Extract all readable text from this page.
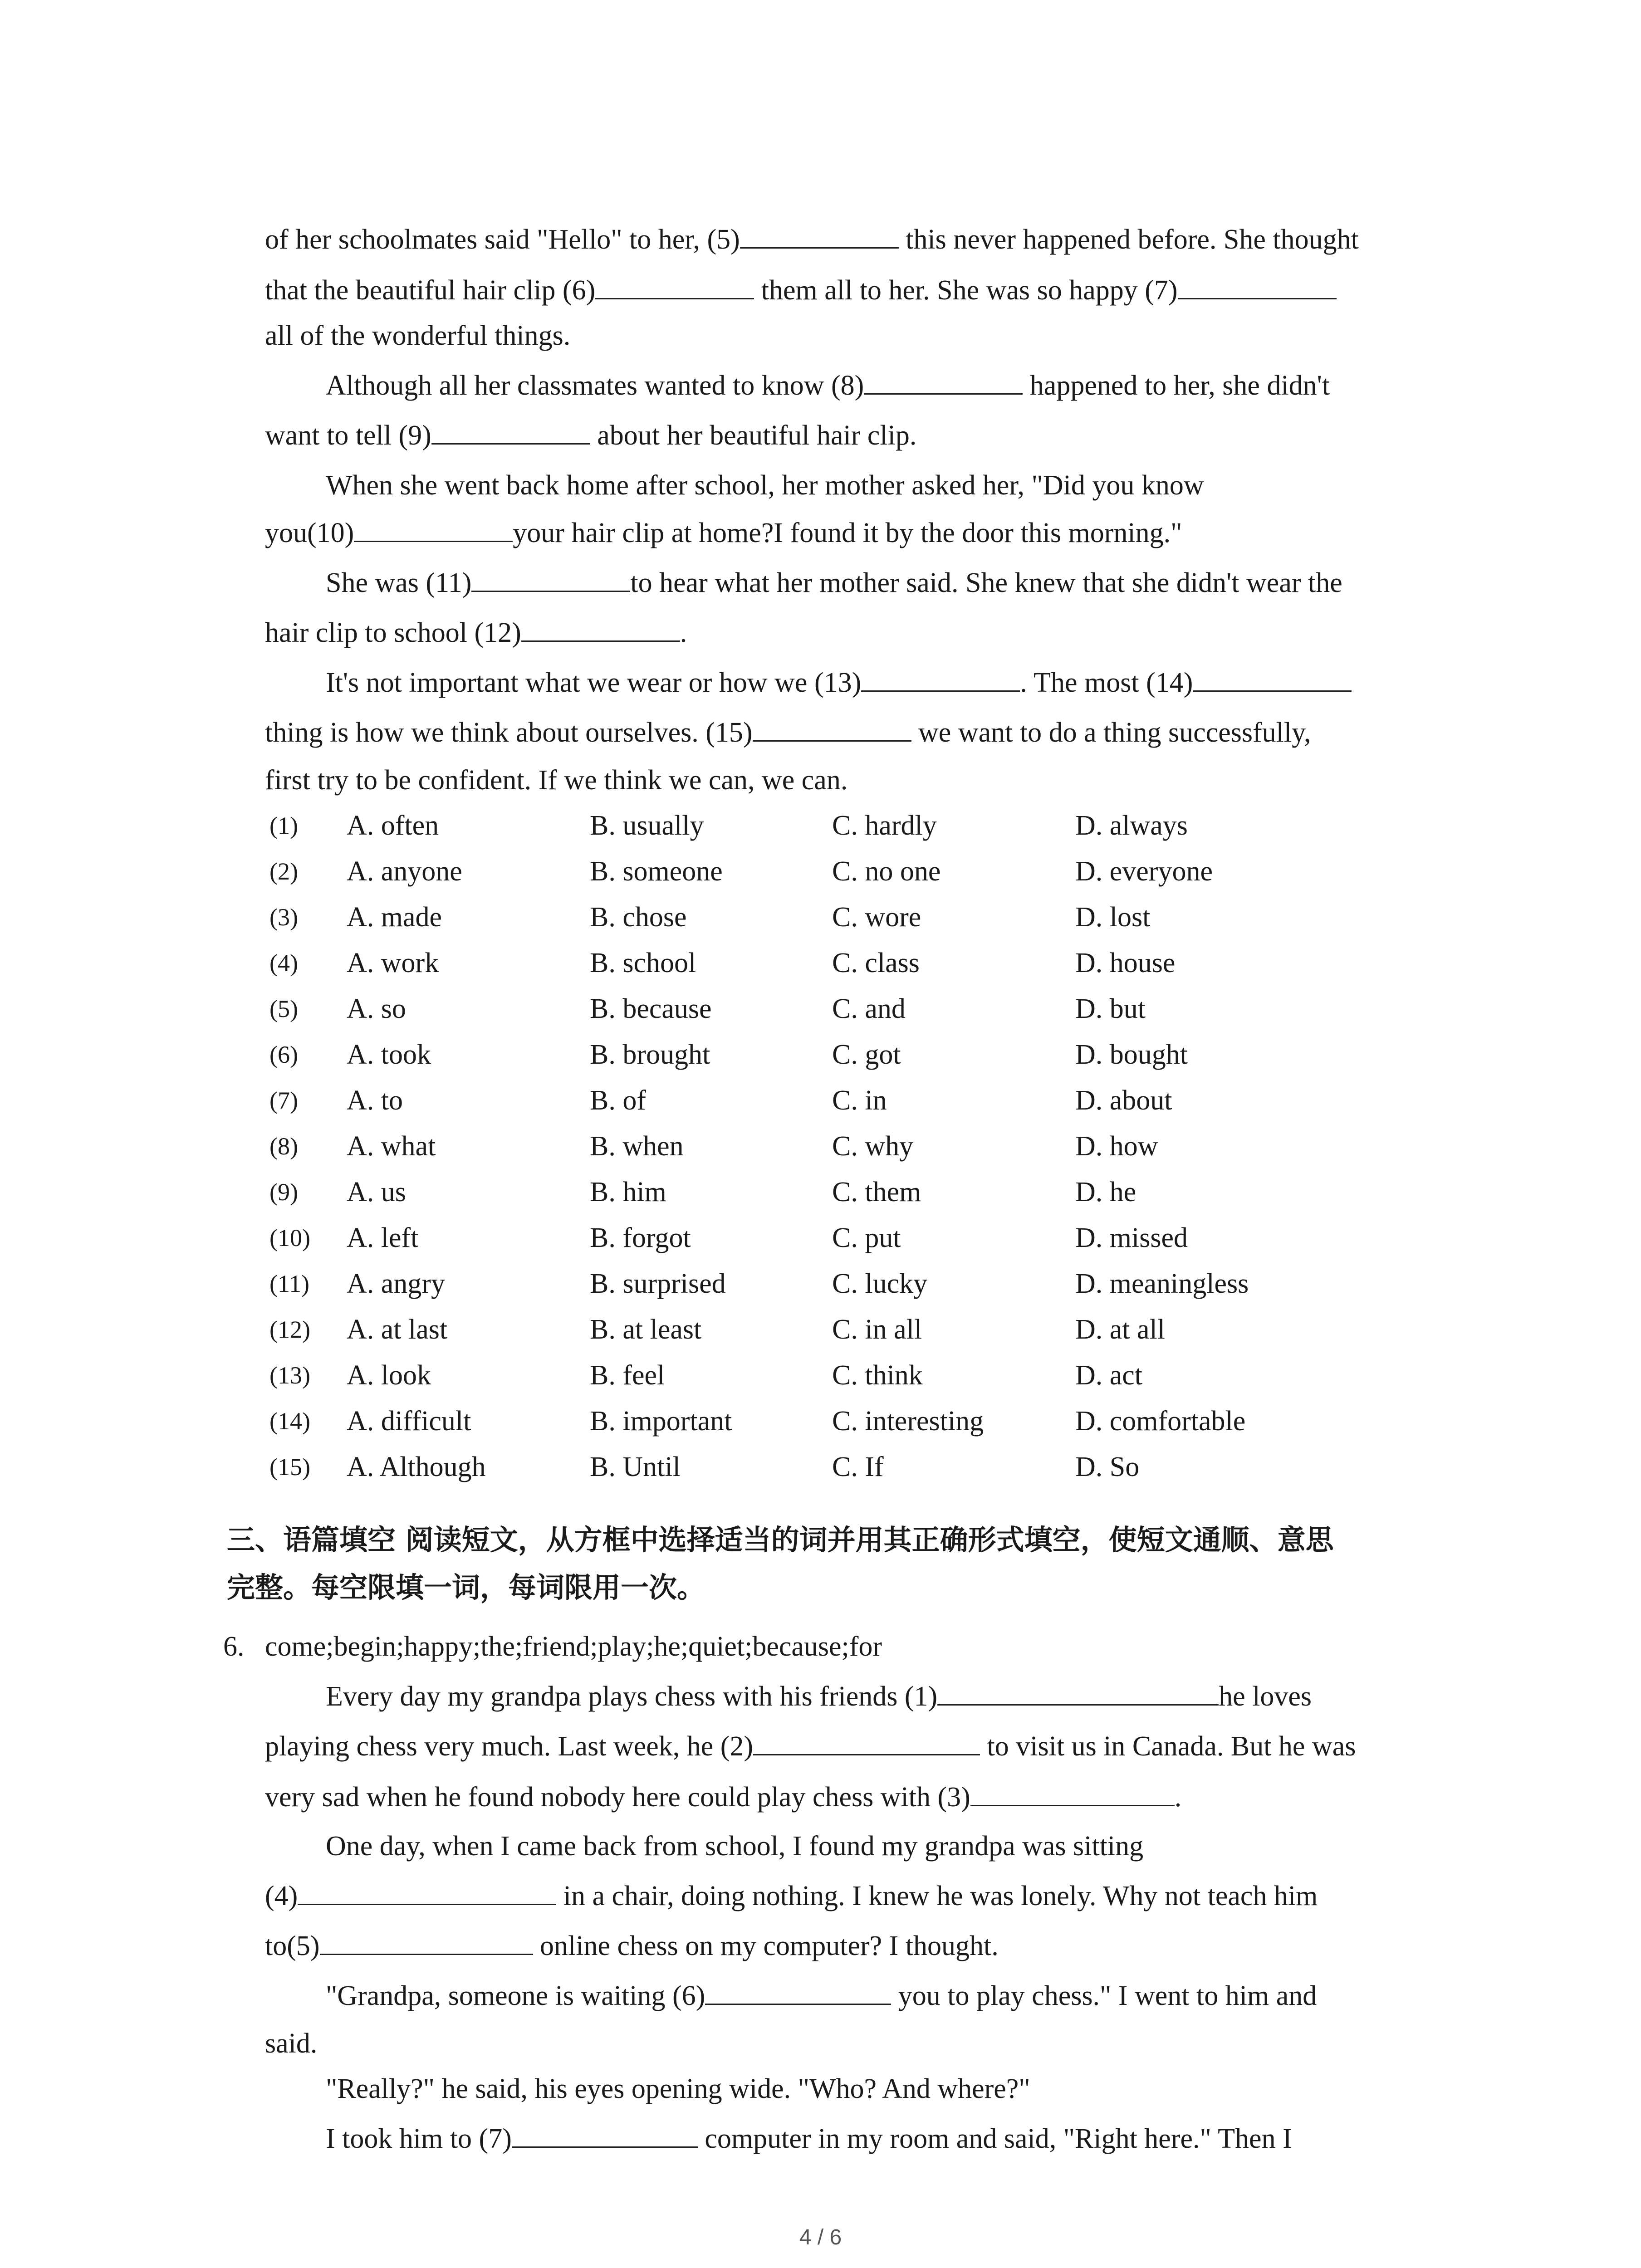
of her schoolmates said "Hello" to her, (5)	this never happened before. She thought
that the beautiful hair clip (6)	them all to her. She was so happy (7)
all of the wonderful things.
Although all her classmates wanted to know (8)	happened to her, she didn't
want to tell (9)	about her beautiful hair clip.
When she went back home after school, her mother asked her, "Did you know
you(10)	your hair clip at home?I found it by the door this morning."
She was (11)	to hear what her mother said. She knew that she didn't wear the
hair clip to school (12)	.
It's not important what we wear or how we (13)	. The most (14)
thing is how we think about ourselves. (15)	we want to do a thing successfully,
first try to be confident. If we think we can, we can.
(1) A. often	B. usually	C. hardly	D. always
(2) A. anyone	B. someone	C. no one	D. everyone
(3) A. made	B. chose	C. wore	D. lost
(4) A. work	B. school	C. class	D. house
(5) A. so	B. because	C. and	D. but
(6) A. took	B. brought	C. got	D. bought
(7) A. to	B. of	C. in	D. about
(8) A. what	B. when	C. why	D. how
(9) A. us	B. him	C. them	D. he
(10) A. left	B. forgot	C. put	D. missed
(11) A. angry	B. surprised	C. lucky	D. meaningless
(12) A. at last	B. at least	C. in all	D. at all
(13) A. look	B. feel	C. think	D. act
(14) A. difficult	B. important	C. interesting	D. comfortable
(15) A. Although	B. Until	C. If	D. So
三、语篇填空 阅读短文，从方框中选择适当的词并用其正确形式填空，使短文通顺、意思
完整。每空限填一词，每词限用一次。
6. come;begin;happy;the;friend;play;he;quiet;because;for
Every day my grandpa plays chess with his friends (1)	he loves
playing chess very much. Last week, he (2)	to visit us in Canada. But he was
very sad when he found nobody here could play chess with (3)	.
One day, when I came back from school, I found my grandpa was sitting
(4)	in a chair, doing nothing. I knew he was lonely. Why not teach him
to(5)	online chess on my computer? I thought.
"Grandpa, someone is waiting (6)	you to play chess." I went to him and
said.
"Really?" he said, his eyes opening wide. "Who? And where?"
I took him to (7)	computer in my room and said, "Right here." Then I
4 / 6
